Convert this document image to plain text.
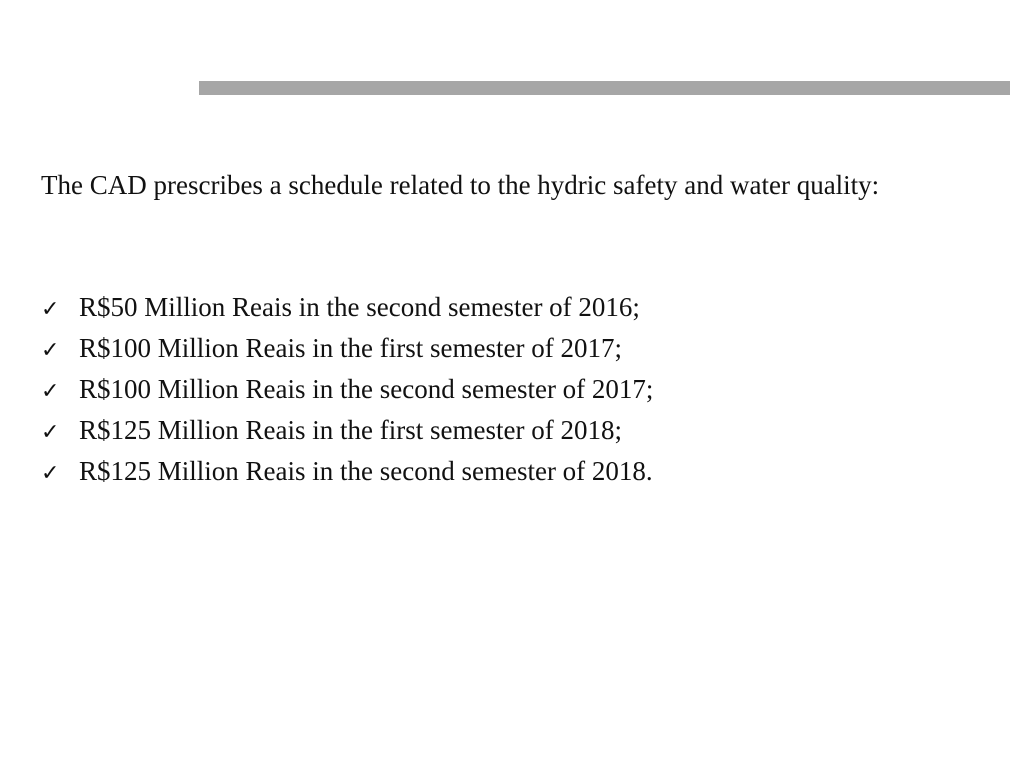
The CAD prescribes a schedule related to the hydric safety and water quality:

✓ R$50 Million Reais in the second semester of 2016;
✓ R$100 Million Reais in the first semester of 2017;
✓ R$100 Million Reais in the second semester of 2017;
✓ R$125 Million Reais in the first semester of 2018;
✓ R$125 Million Reais in the second semester of 2018.
